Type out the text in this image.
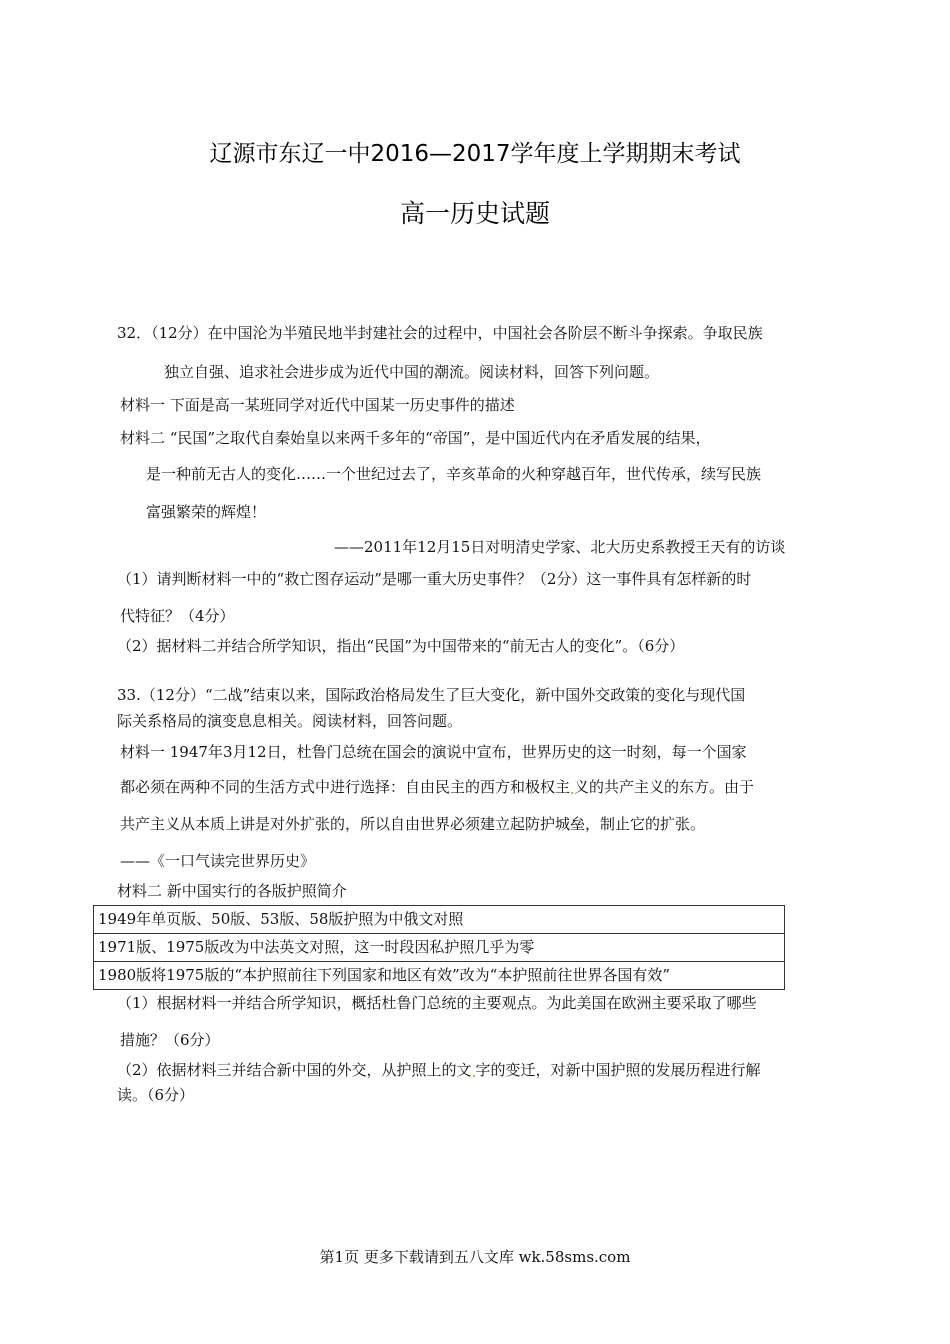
辽源市东辽一中2016—2017学年度上学期期末考试
高一历史试题
32．（12分）在中国沦为半殖民地半封建社会的过程中，中国社会各阶层不断斗争探索。争取民族
独立自强、追求社会进步成为近代中国的潮流。阅读材料，回答下列问题。
材料一 下面是高一某班同学对近代中国某一历史事件的描述
材料二 “民国”之取代自秦始皇以来两千多年的“帝国”，是中国近代内在矛盾发展的结果，
是一种前无古人的变化……一个世纪过去了，辛亥革命的火种穿越百年，世代传承，续写民族
富强繁荣的辉煌！
——2011年12月15日对明清史学家、北大历史系教授王天有的访谈
（1）请判断材料一中的“救亡图存运动”是哪一重大历史事件？（2分）这一事件具有怎样新的时
代特征？（4分）
（2）据材料二并结合所学知识，指出“民国”为中国带来的“前无古人的变化”。（6分）
33.（12分）“二战”结束以来，国际政治格局发生了巨大变化，新中国外交政策的变化与现代国
际关系格局的演变息息相关。阅读材料，回答问题。
材料一 1947年3月12日，杜鲁门总统在国会的演说中宣布，世界历史的这一时刻，每一个国家
都必须在两种不同的生活方式中进行选择：自由民主的西方和极权主 义的共产主义的东方。由于
共产主义从本质上讲是对外扩张的，所以自由世界必须建立起防护城垒，制止它的扩张。
——《一口气读完世界历史》
材料二 新中国实行的各版护照简介
1949年单页版、50版、53版、58版护照为中俄文对照
1971版、1975版改为中法英文对照，这一时段因私护照几乎为零
1980版将1975版的“本护照前往下列国家和地区有效”改为“本护照前往世界各国有效”
（1）根据材料一并结合所学知识，概括杜鲁门总统的主要观点。为此美国在欧洲主要采取了哪些
措施？（6分）
（2）依据材料三并结合新中国的外交，从护照上的文 字的变迁，对新中国护照的发展历程进行解
读。（6分）
第1页 更多下载请到五八文库 wk.58sms.com
